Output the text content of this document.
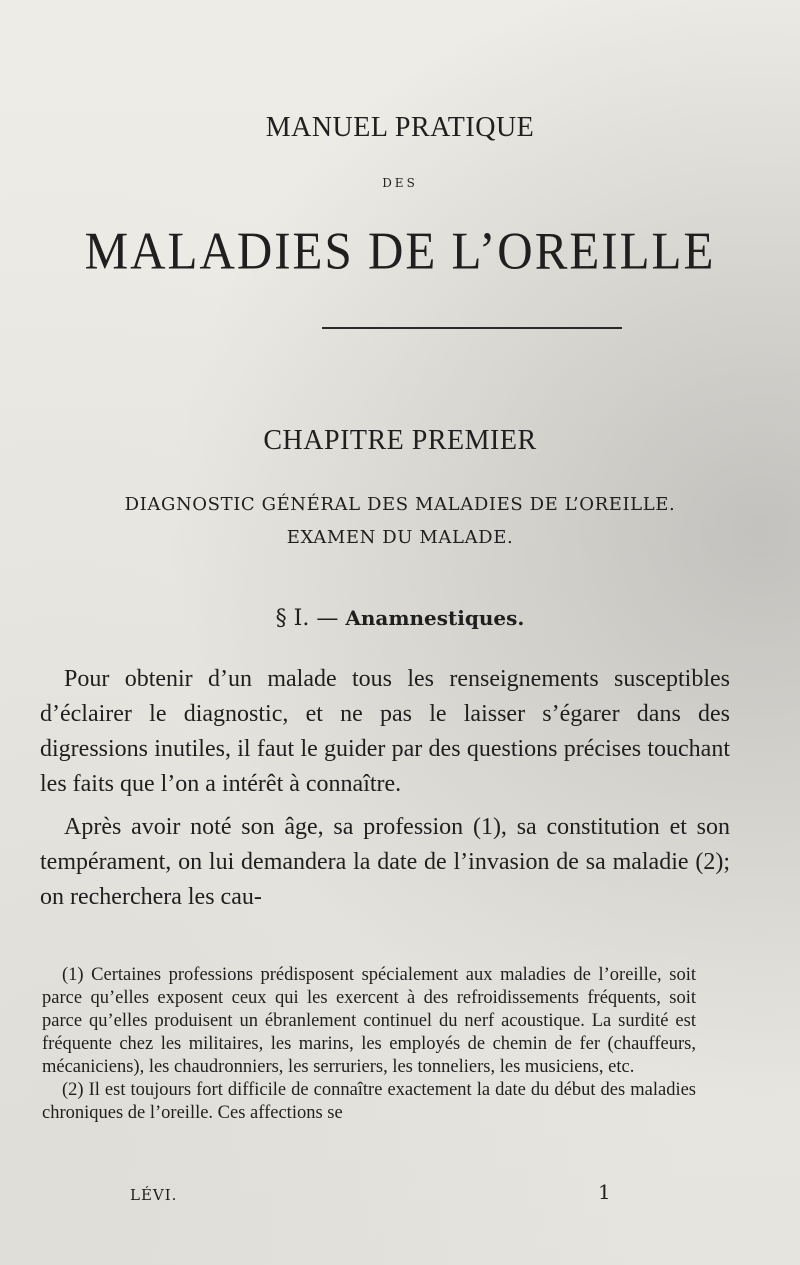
MANUEL PRATIQUE
DES
MALADIES DE L’OREILLE
CHAPITRE PREMIER
DIAGNOSTIC GÉNÉRAL DES MALADIES DE L’OREILLE.
EXAMEN DU MALADE.
§ I. — Anamnestiques.

Pour obtenir d’un malade tous les renseignements susceptibles d’éclairer le diagnostic, et ne pas le laisser s’égarer dans des digressions inutiles, il faut le guider par des questions précises touchant les faits que l’on a intérêt à connaître.

Après avoir noté son âge, sa profession (1), sa constitution et son tempérament, on lui demandera la date de l’invasion de sa maladie (2); on recherchera les cau-

(1) Certaines professions prédisposent spécialement aux maladies de l’oreille, soit parce qu’elles exposent ceux qui les exercent à des refroidissements fréquents, soit parce qu’elles produisent un ébranlement continuel du nerf acoustique. La surdité est fréquente chez les militaires, les marins, les employés de chemin de fer (chauffeurs, mécaniciens), les chaudronniers, les serruriers, les tonneliers, les musiciens, etc.

(2) Il est toujours fort difficile de connaître exactement la date du début des maladies chroniques de l’oreille. Ces affections se

LÉVI.	1
